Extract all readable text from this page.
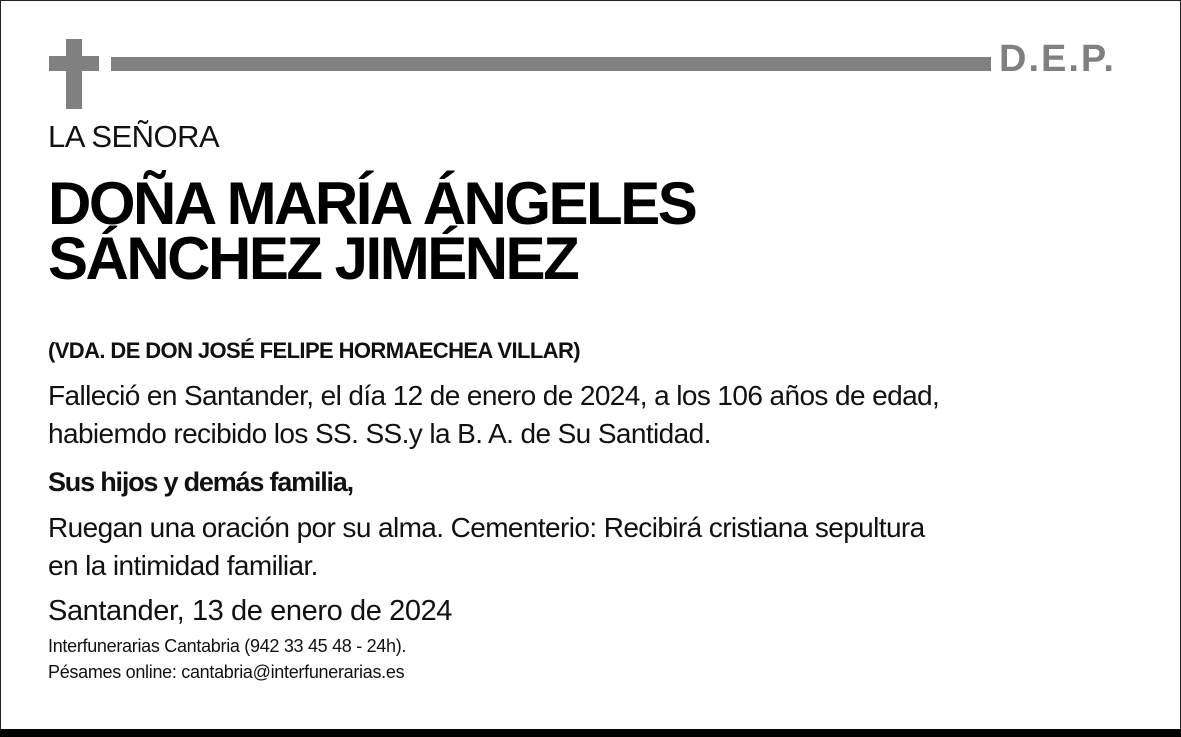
D.E.P.
LA SEÑORA
DOÑA MARÍA ÁNGELES
SÁNCHEZ JIMÉNEZ
(VDA. DE DON JOSÉ FELIPE HORMAECHEA VILLAR)
Falleció en Santander, el día 12 de enero de 2024, a los 106 años de edad,
habiemdo recibido los SS. SS.y la B. A. de Su Santidad.
Sus hijos y demás familia,
Ruegan una oración por su alma. Cementerio: Recibirá cristiana sepultura
en la intimidad familiar.
Santander, 13 de enero de 2024
Interfunerarias Cantabria (942 33 45 48 - 24h).
Pésames online: cantabria@interfunerarias.es
